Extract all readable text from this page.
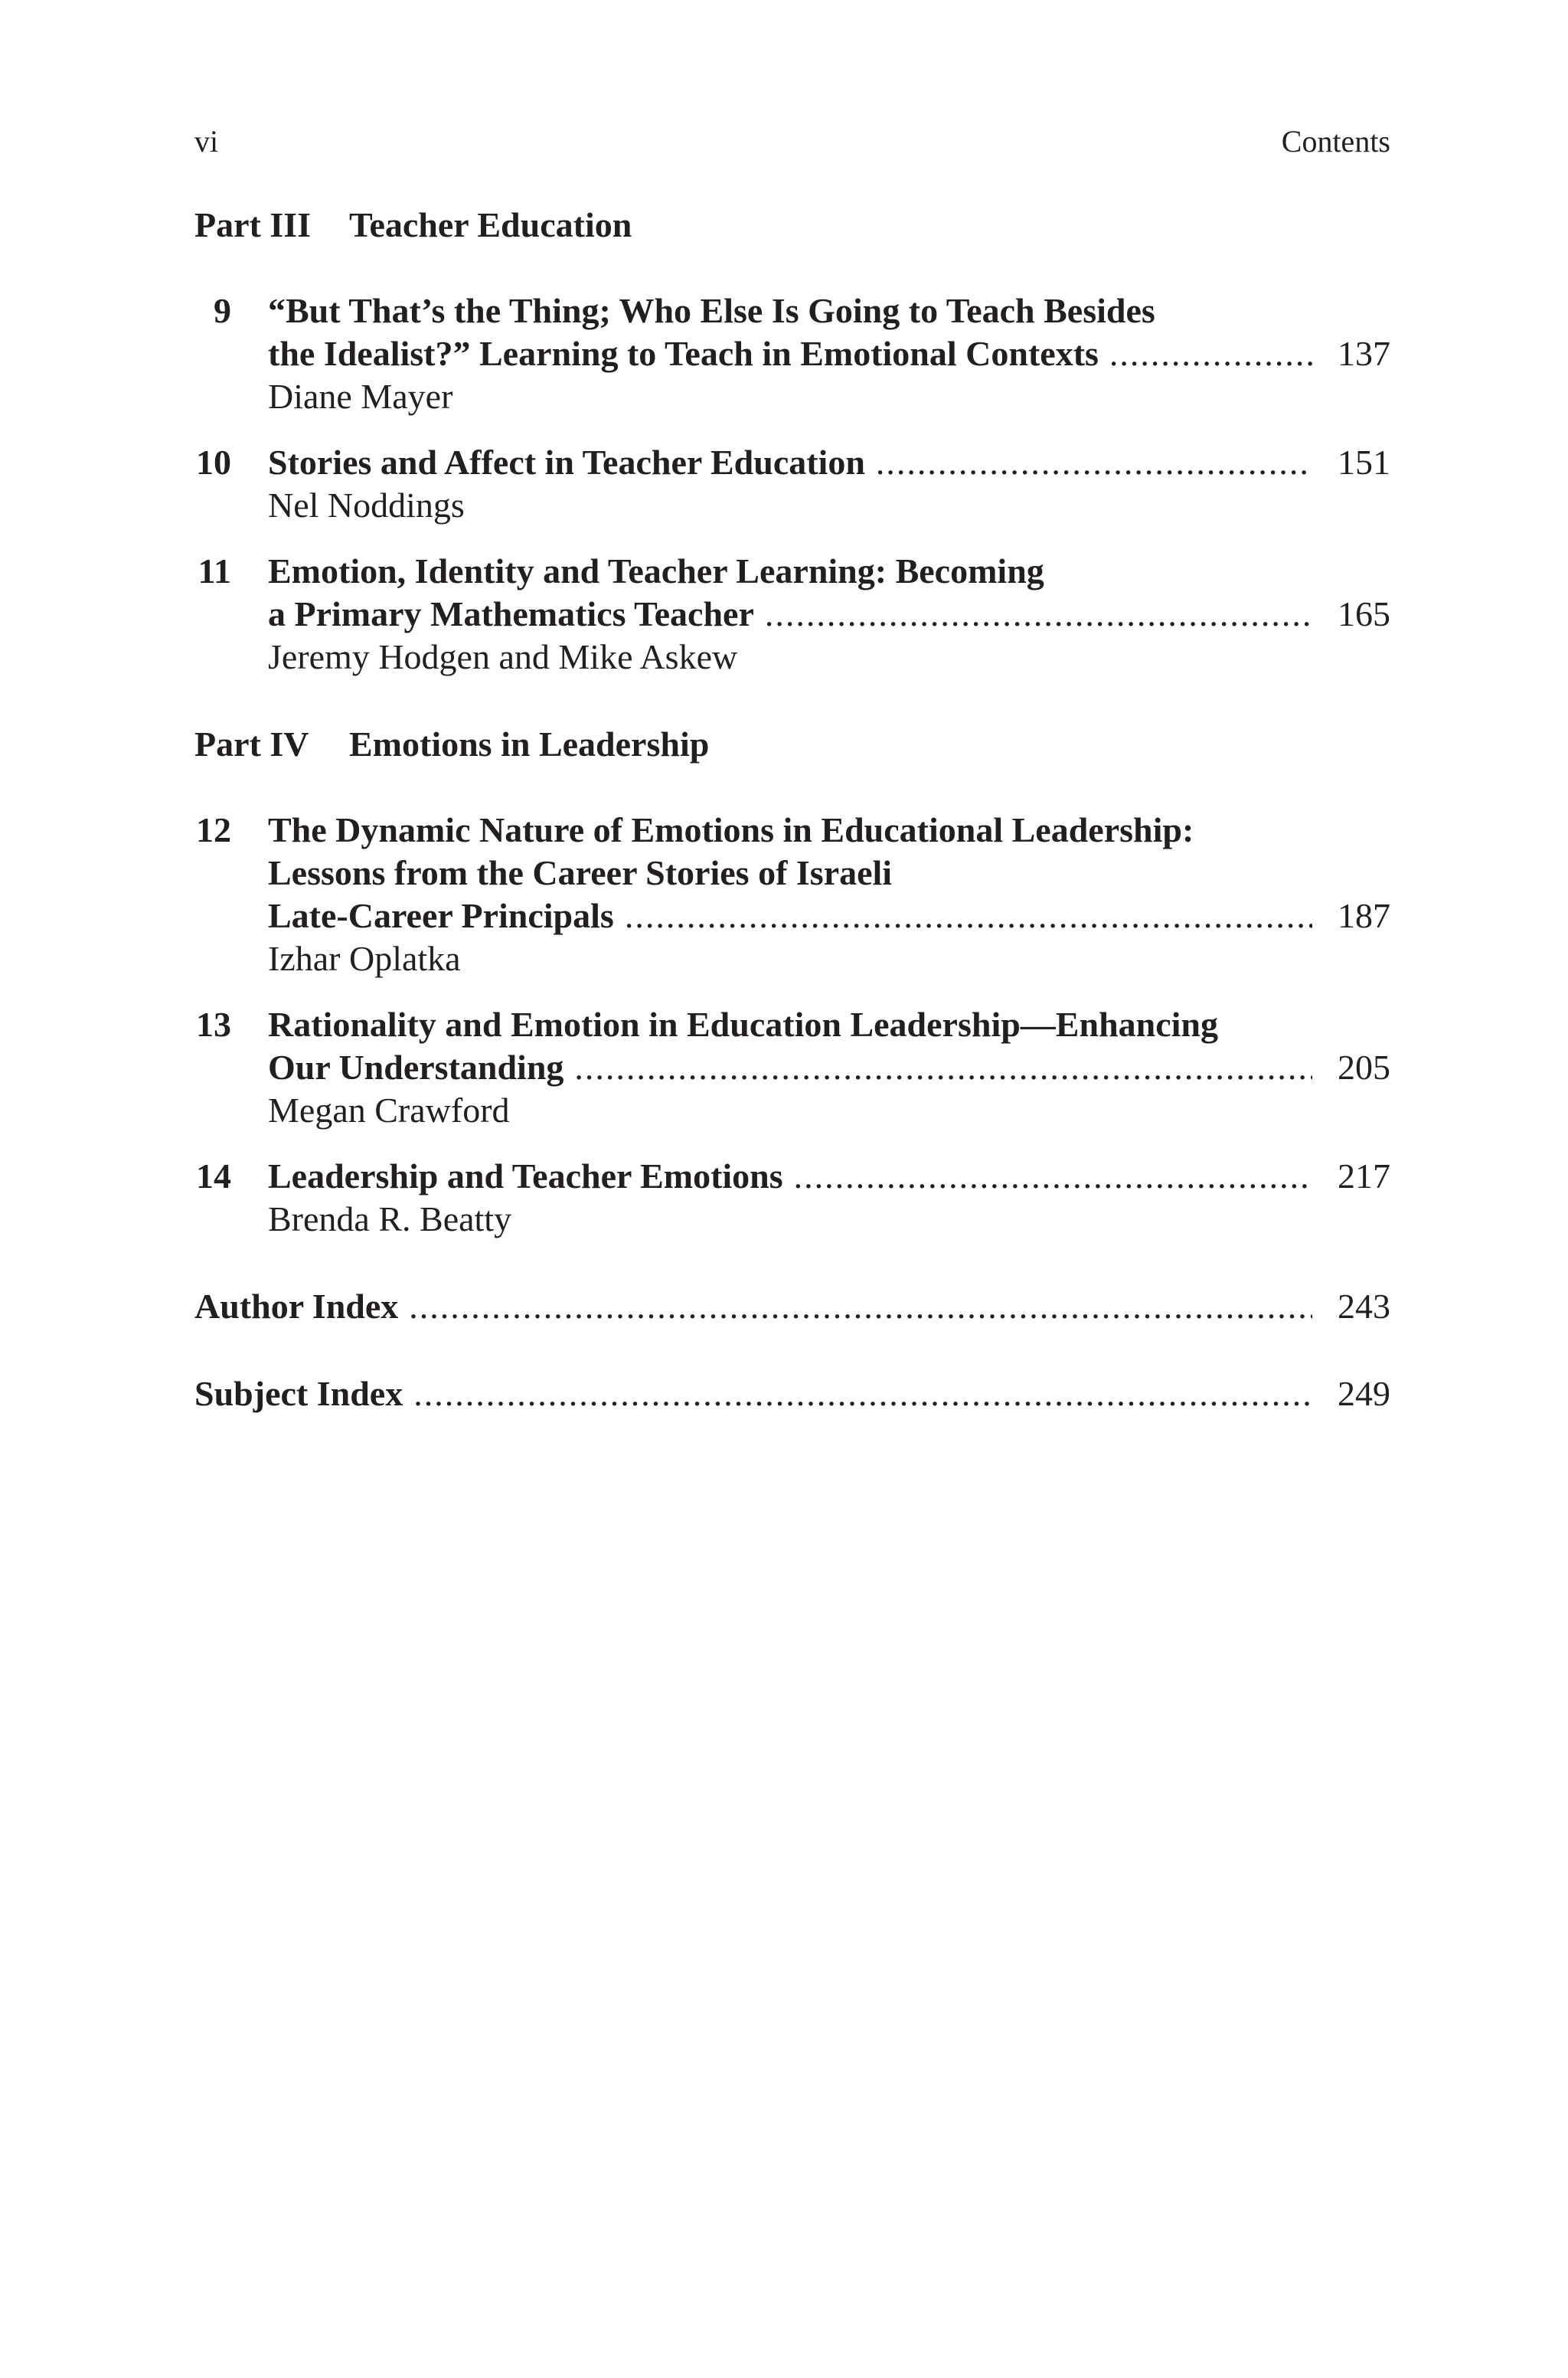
vi	Contents
Part III Teacher Education
9 “But That’s the Thing; Who Else Is Going to Teach Besides
the Idealist?” Learning to Teach in Emotional Contexts .....	137
Diane Mayer
10 Stories and Affect in Teacher Education .....	151
Nel Noddings
11 Emotion, Identity and Teacher Learning: Becoming
a Primary Mathematics Teacher .....	165
Jeremy Hodgen and Mike Askew
Part IV Emotions in Leadership
12 The Dynamic Nature of Emotions in Educational Leadership:
Lessons from the Career Stories of Israeli
Late-Career Principals .....	187
Izhar Oplatka
13 Rationality and Emotion in Education Leadership—Enhancing
Our Understanding .....	205
Megan Crawford
14 Leadership and Teacher Emotions .....	217
Brenda R. Beatty
Author Index .....	243
Subject Index .....	249
